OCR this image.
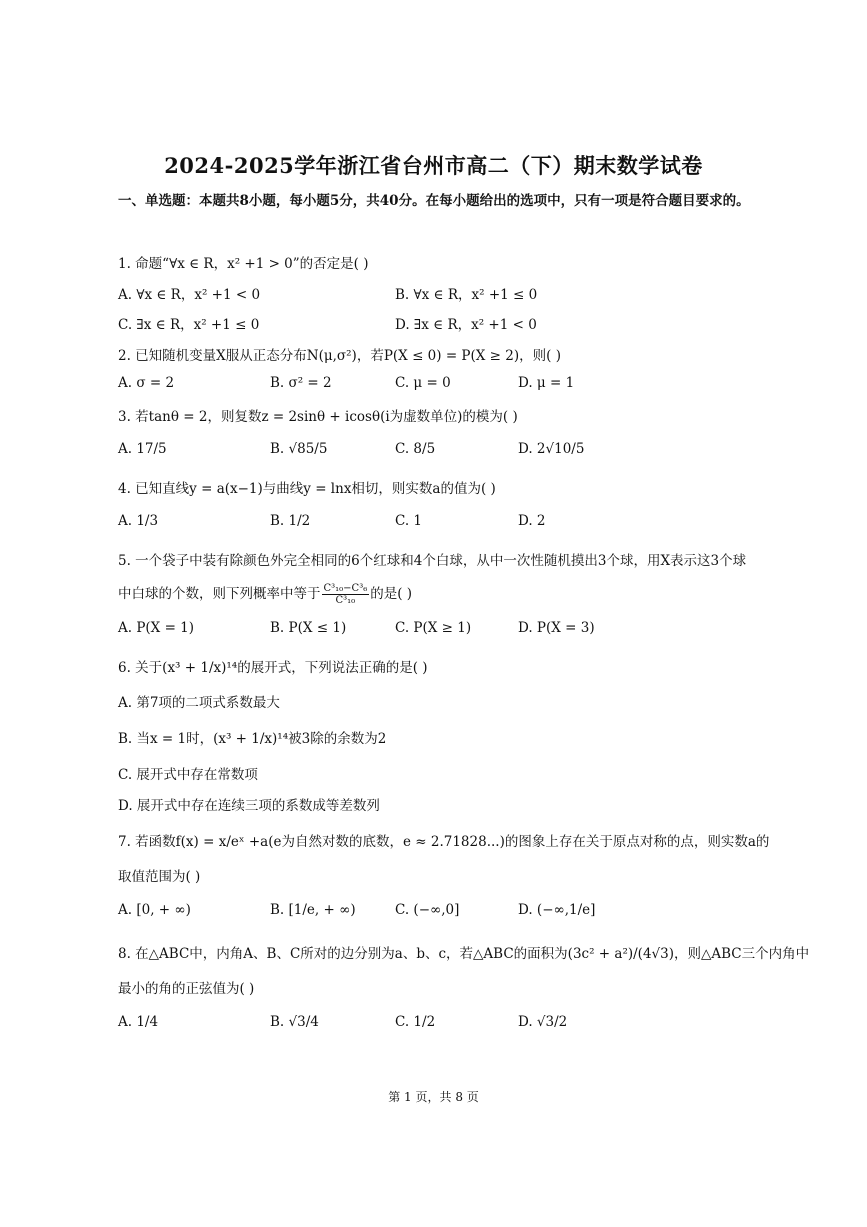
2024-2025学年浙江省台州市高二（下）期末数学试卷
一、单选题：本题共8小题，每小题5分，共40分。在每小题给出的选项中，只有一项是符合题目要求的。
1. 命题“∀x ∈ R，x² +1 > 0”的否定是( )
A. ∀x ∈ R，x² +1 < 0	B. ∀x ∈ R，x² +1 ≤ 0
C. ∃x ∈ R，x² +1 ≤ 0	D. ∃x ∈ R，x² +1 < 0
2. 已知随机变量X服从正态分布N(μ,σ²)，若P(X ≤ 0) = P(X ≥ 2)，则( )
A. σ = 2	B. σ² = 2	C. μ = 0	D. μ = 1
3. 若tanθ = 2，则复数z = 2sinθ + icosθ(i为虚数单位)的模为( )
A. 17/5	B. √85/5	C. 8/5	D. 2√10/5
4. 已知直线y = a(x−1)与曲线y = lnx相切，则实数a的值为( )
A. 1/3	B. 1/2	C. 1	D. 2
5. 一个袋子中装有除颜色外完全相同的6个红球和4个白球，从中一次性随机摸出3个球，用X表示这3个球
中白球的个数，则下列概率中等于 $\frac{\text{C³₁₀−C³₆}}{\text{C³₁₀}}$ 的是( )
A. P(X = 1)	B. P(X ≤ 1)	C. P(X ≥ 1)	D. P(X = 3)
6. 关于(x³ + 1/x)¹⁴的展开式，下列说法正确的是( )
A. 第7项的二项式系数最大
B. 当x = 1时，(x³ + 1/x)¹⁴被3除的余数为2
C. 展开式中存在常数项
D. 展开式中存在连续三项的系数成等差数列
7. 若函数f(x) = x/eˣ +a(e为自然对数的底数，e ≈ 2.71828...)的图象上存在关于原点对称的点，则实数a的
取值范围为( )
A. [0, + ∞)	B. [1/e, + ∞)	C. (−∞,0]	D. (−∞,1/e]
8. 在△ABC中，内角A、B、C所对的边分别为a、b、c，若△ABC的面积为(3c² + a²)/(4√3)，则△ABC三个内角中
最小的角的正弦值为( )
A. 1/4	B. √3/4	C. 1/2	D. √3/2
第 1 页，共 8 页
